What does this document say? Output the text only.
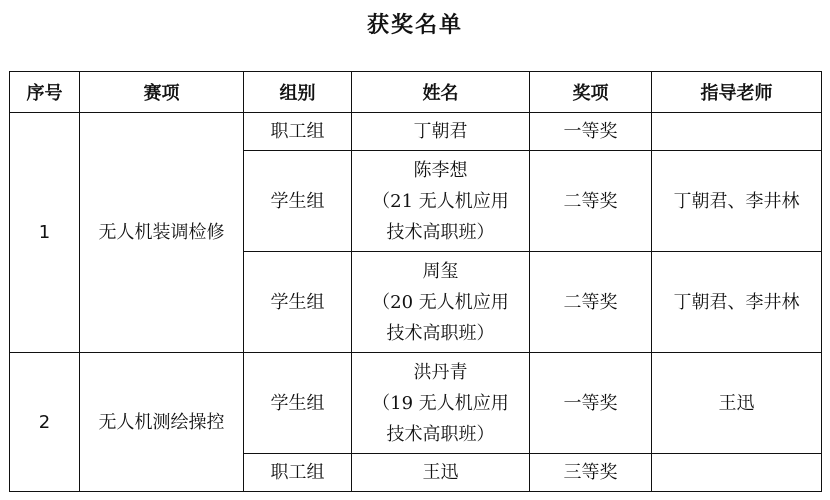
获奖名单
序号	赛项	组别	姓名	奖项	指导老师
1	无人机装调检修	职工组	丁朝君	一等奖	
		学生组	陈李想
（21 无人机应用
技术高职班）	二等奖	丁朝君、李井林
		学生组	周玺
（20 无人机应用
技术高职班）	二等奖	丁朝君、李井林
2	无人机测绘操控	学生组	洪丹青
（19 无人机应用
技术高职班）	一等奖	王迅
		职工组	王迅	三等奖	
